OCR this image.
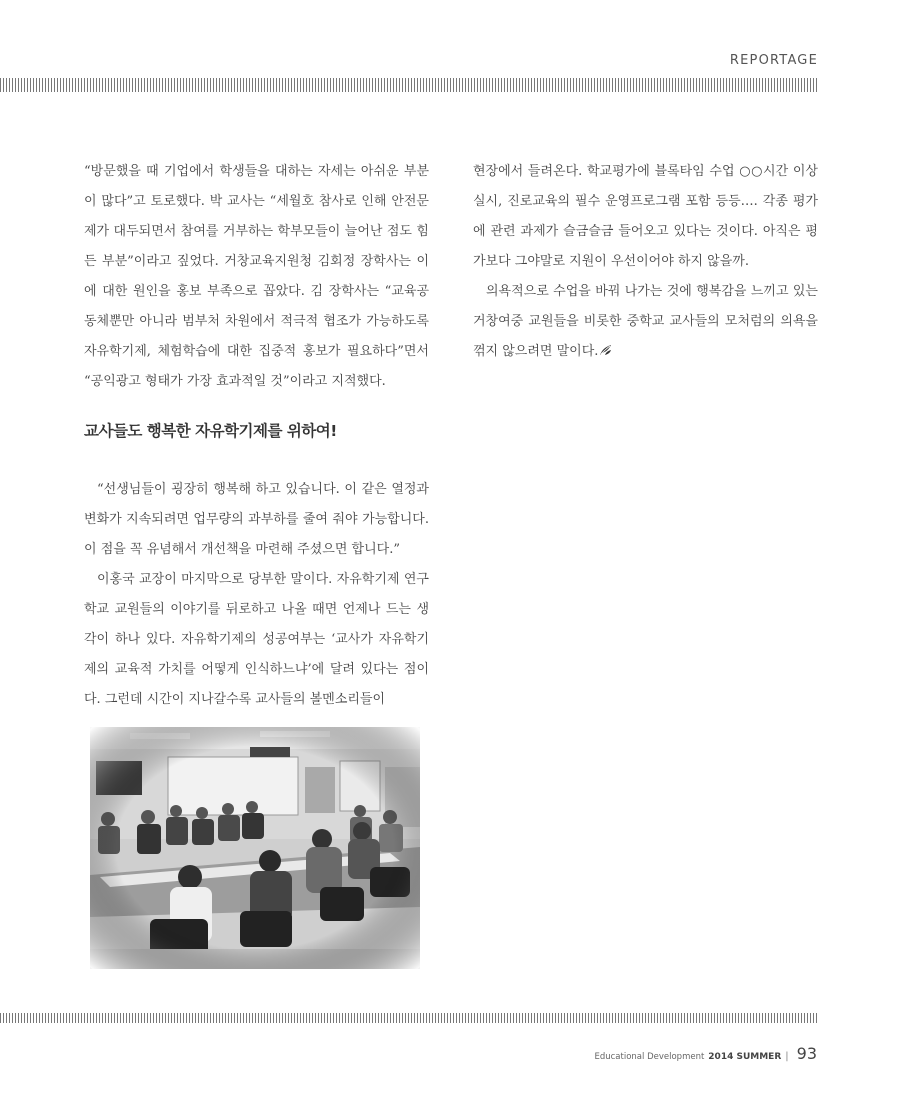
REPORTAGE

“방문했을 때 기업에서 학생들을 대하는 자세는 아쉬운 부분이 많다”고 토로했다. 박 교사는 “세월호 참사로 인해 안전문제가 대두되면서 참여를 거부하는 학부모들이 늘어난 점도 힘든 부분”이라고 짚었다. 거창교육지원청 김회정 장학사는 이에 대한 원인을 홍보 부족으로 꼽았다. 김 장학사는 “교육공동체뿐만 아니라 범부처 차원에서 적극적 협조가 가능하도록 자유학기제, 체험학습에 대한 집중적 홍보가 필요하다”면서 “공익광고 형태가 가장 효과적일 것”이라고 지적했다.

교사들도 행복한 자유학기제를 위하여!

“선생님들이 굉장히 행복해 하고 있습니다. 이 같은 열정과 변화가 지속되려면 업무량의 과부하를 줄여 줘야 가능합니다. 이 점을 꼭 유념해서 개선책을 마련해 주셨으면 합니다.”

이홍국 교장이 마지막으로 당부한 말이다. 자유학기제 연구학교 교원들의 이야기를 뒤로하고 나올 때면 언제나 드는 생각이 하나 있다. 자유학기제의 성공여부는 ‘교사가 자유학기제의 교육적 가치를 어떻게 인식하느냐’에 달려 있다는 점이다. 그런데 시간이 지나갈수록 교사들의 볼멘소리들이

현장에서 들려온다. 학교평가에 블록타임 수업 ○○시간 이상 실시, 진로교육의 필수 운영프로그램 포함 등등…. 각종 평가에 관련 과제가 슬금슬금 들어오고 있다는 것이다. 아직은 평가보다 그야말로 지원이 우선이어야 하지 않을까.

의욕적으로 수업을 바꿔 나가는 것에 행복감을 느끼고 있는 거창여중 교원들을 비롯한 중학교 교사들의 모처럼의 의욕을 꺾지 않으려면 말이다.

Educational Development 2014 SUMMER | 93
